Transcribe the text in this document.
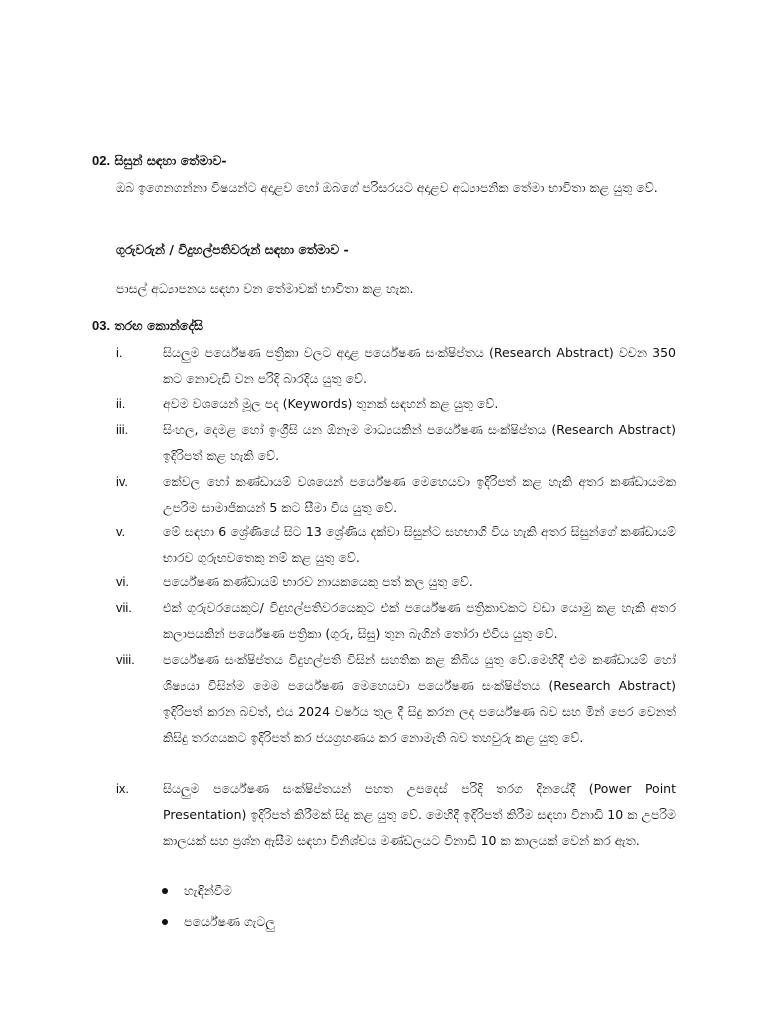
02. සිසුන් සඳහා තේමාව-
ඔබ ඉගෙනගන්නා විෂයන්ට අදාළව හෝ ඔබගේ පරිසරයට අදාළව අධ්‍යාපනික තේමා භාවිතා කළ යුතු වේ.
ගුරුවරුන් / විදුහල්පතිවරුන් සඳහා තේමාව -
පාසල් අධ්‍යාපනය සඳහා වන තේමාවක් භාවිතා කළ හැක.
03. තරඟ කොන්දේසි
i.	සියලුම පර්යේෂණ පත්‍රිකා වලට අදාළ පර්යේෂණ සංක්ෂිප්තය (Research Abstract) වචන 350 කට නොවැඩි වන පරිදි බාරදිය යුතු වේ.
ii.	අවම වශයෙන් මූල පද (Keywords) තුනක් සඳහන් කළ යුතු වේ.
iii.	සිංහල, දෙමළ හෝ ඉංග්‍රීසි යන ඕනෑම මාධ්‍යයකින් පර්යේෂණ සංක්ෂිප්තය (Research Abstract) ඉදිරිපත් කළ හැකි වේ.
iv.	කේවල හෝ කණ්ඩායම් වශයෙන් පර්යේෂණ මෙහෙයවා ඉදිරිපත් කළ හැකි අතර කණ්ඩායමක උපරිම සාමාජිකයන් 5 කට සීමා විය යුතු වේ.
v.	මේ සඳහා 6 ශ්‍රේණියේ සිට 13 ශ්‍රේණිය දක්වා සිසුන්ට සහභාගි විය හැකි අතර සිසුන්ගේ කණ්ඩායම් භාරව ගුරුභවතෙකු නම් කළ යුතු වේ.
vi.	පර්යේෂණ කණ්ඩායම් භාරව නායකයෙකු පත් කල යුතු වේ.
vii.	එක් ගුරුවරයෙකුට/ විදුහල්පතිවරයෙකුට එක් පර්යේෂණ පත්‍රිකාවකට වඩා යොමු කළ හැකි අතර කලාපයකින් පර්යේෂණ පත්‍රිකා (ගුරු, සිසු) තුන බැගින් තෝරා එවිය යුතු වේ.
viii.	පර්යේෂණ සංක්ෂිප්තය විදුහල්පති විසින් සහතික කළ කිබිය යුතු වේ.මෙහිදී එම කණ්ඩායම් හෝ ශිෂ්‍යයා විසින්ම මෙම පර්යේෂණ මෙහෙයවා පර්යේෂණ සංක්ෂිප්තය (Research Abstract) ඉදිරිපත් කරන බවත්, එය 2024 වර්ෂය තුල දී සිදු කරන ලද පර්යේෂණ බව සහ මින් පෙර වෙනත් කිසිදු තරගයකට ඉදිරිපත් කර ජයග්‍රහණය කර නොමැති බව තහවුරු කළ යුතු වේ.
ix.	සියලුම පර්යේෂණ සංක්ෂිප්තයන් පහත උපදෙස් පරිදි තරග දිනයේදී (Power Point Presentation) ඉදිරිපත් කිරීමක් සිදු කළ යුතු වේ. මෙහිදී ඉදිරිපත් කිරීම සඳහා විනාඩි 10 ක උපරිම කාලයක් සහ ප්‍රශ්න ඇසීම සඳහා විනිශ්චය මණ්ඩලයට විනාඩි 10 ක කාලයක් වෙන් කර ඇත.
හැඳින්වීම
පර්යේෂණ ගැටලු
